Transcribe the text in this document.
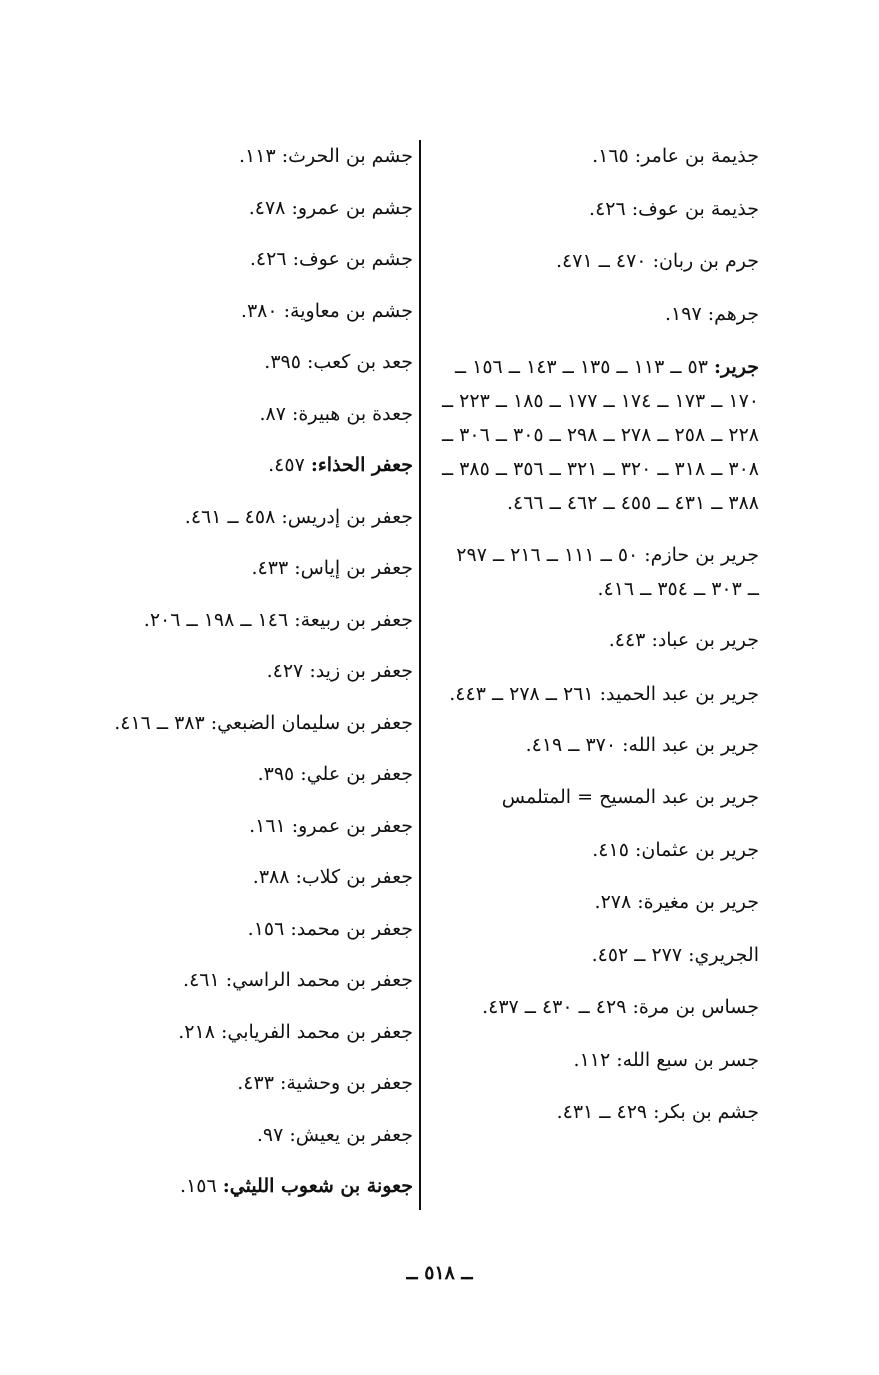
جذيمة بن عامر: ١٦٥.

جذيمة بن عوف: ٤٢٦.

جرم بن ربان: ٤٧٠ ــ ٤٧١.

جرهم: ١٩٧.

جرير: ٥٣ ــ ١١٣ ــ ١٣٥ ــ ١٤٣ ــ ١٥٦ ــ ١٧٠ ــ ١٧٣ ــ ١٧٤ ــ ١٧٧ ــ ١٨٥ ــ ٢٢٣ ــ ٢٢٨ ــ ٢٥٨ ــ ٢٧٨ ــ ٢٩٨ ــ ٣٠٥ ــ ٣٠٦ ــ ٣٠٨ ــ ٣١٨ ــ ٣٢٠ ــ ٣٢١ ــ ٣٥٦ ــ ٣٨٥ ــ ٣٨٨ ــ ٤٣١ ــ ٤٥٥ ــ ٤٦٢ ــ ٤٦٦.

جرير بن حازم: ٥٠ ــ ١١١ ــ ٢١٦ ــ ٢٩٧ ــ ٣٠٣ ــ ٣٥٤ ــ ٤١٦.

جرير بن عباد: ٤٤٣.

جرير بن عبد الحميد: ٢٦١ ــ ٢٧٨ ــ ٤٤٣.

جرير بن عبد الله: ٣٧٠ ــ ٤١٩.

جرير بن عبد المسيح = المتلمس

جرير بن عثمان: ٤١٥.

جرير بن مغيرة: ٢٧٨.

الجريري: ٢٧٧ ــ ٤٥٢.

جساس بن مرة: ٤٢٩ ــ ٤٣٠ ــ ٤٣٧.

جسر بن سبع الله: ١١٢.

جشم بن بكر: ٤٢٩ ــ ٤٣١.

جشم بن الحرث: ١١٣.

جشم بن عمرو: ٤٧٨.

جشم بن عوف: ٤٢٦.

جشم بن معاوية: ٣٨٠.

جعد بن كعب: ٣٩٥.

جعدة بن هبيرة: ٨٧.

جعفر الحذاء: ٤٥٧.

جعفر بن إدريس: ٤٥٨ ــ ٤٦١.

جعفر بن إياس: ٤٣٣.

جعفر بن ربيعة: ١٤٦ ــ ١٩٨ ــ ٢٠٦.

جعفر بن زيد: ٤٢٧.

جعفر بن سليمان الضبعي: ٣٨٣ ــ ٤١٦.

جعفر بن علي: ٣٩٥.

جعفر بن عمرو: ١٦١.

جعفر بن كلاب: ٣٨٨.

جعفر بن محمد: ١٥٦.

جعفر بن محمد الراسي: ٤٦١.

جعفر بن محمد الفريابي: ٢١٨.

جعفر بن وحشية: ٤٣٣.

جعفر بن يعيش: ٩٧.

جعونة بن شعوب الليثي: ١٥٦.

ــ ٥١٨ ــ
